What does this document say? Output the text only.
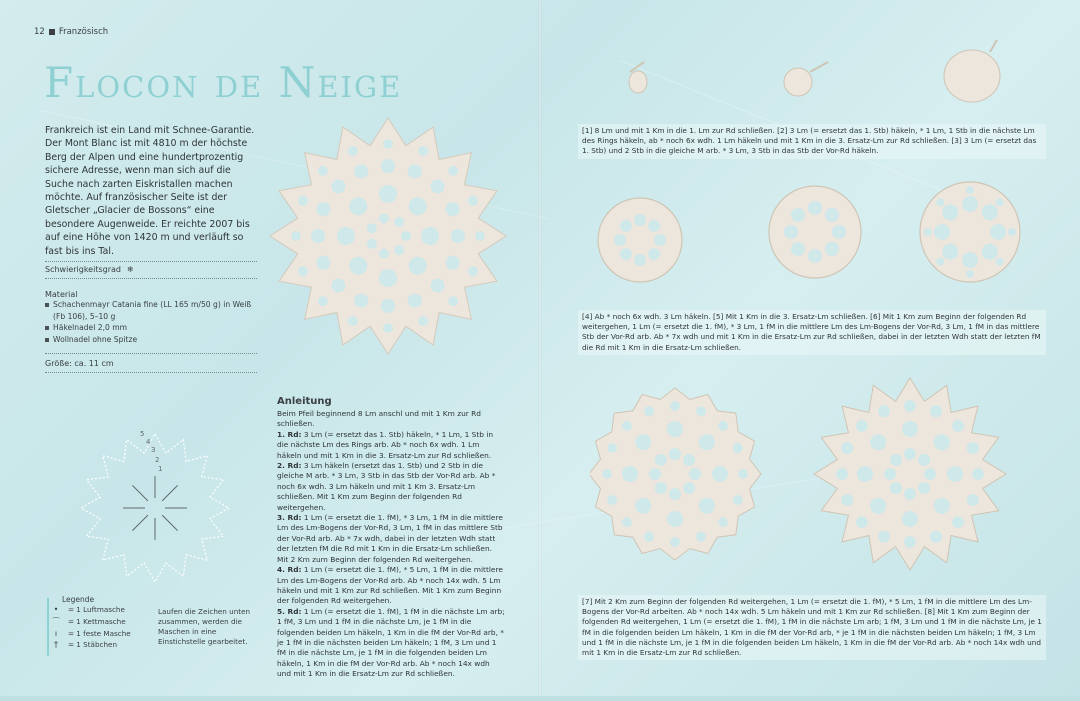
12 Französisch
Flocon de Neige
Frankreich ist ein Land mit Schnee-Garantie. Der Mont Blanc ist mit 4810 m der höchste Berg der Alpen und eine hundertprozentig sichere Adresse, wenn man sich auf die Suche nach zarten Eiskristallen machen möchte. Auf französischer Seite ist der Gletscher „Glacier de Bossons“ eine besondere Augenweide. Er reichte 2007 bis auf eine Höhe von 1420 m und verläuft so fast bis ins Tal.
Schwierigkeitsgrad ❄
Material
Schachenmayr Catania fine (LL 165 m/50 g) in Weiß (Fb 106), 5–10 g
Häkelnadel 2,0 mm
Wollnadel ohne Spitze
Größe: ca. 11 cm
5
4
3
2
1
Legende
•	= 1 Luftmasche
⌒	= 1 Kettmasche
ı	= 1 feste Masche
†	= 1 Stäbchen
Laufen die Zeichen unten zusammen, werden die Maschen in eine Einstichstelle gearbeitet.
Anleitung
Beim Pfeil beginnend 8 Lm anschl und mit 1 Km zur Rd schließen.
1. Rd: 3 Lm (= ersetzt das 1. Stb) häkeln, * 1 Lm, 1 Stb in die nächste Lm des Rings arb. Ab * noch 6x wdh. 1 Lm häkeln und mit 1 Km in die 3. Ersatz-Lm zur Rd schließen.
2. Rd: 3 Lm häkeln (ersetzt das 1. Stb) und 2 Stb in die gleiche M arb. * 3 Lm, 3 Stb in das Stb der Vor-Rd arb. Ab * noch 6x wdh. 3 Lm häkeln und mit 1 Km 3. Ersatz-Lm schließen. Mit 1 Km zum Beginn der folgenden Rd weitergehen.
3. Rd: 1 Lm (= ersetzt die 1. fM), * 3 Lm, 1 fM in die mittlere Lm des Lm-Bogens der Vor-Rd, 3 Lm, 1 fM in das mittlere Stb der Vor-Rd arb. Ab * 7x wdh, dabei in der letzten Wdh statt der letzten fM die Rd mit 1 Km in die Ersatz-Lm schließen. Mit 2 Km zum Beginn der folgenden Rd weitergehen.
4. Rd: 1 Lm (= ersetzt die 1. fM), * 5 Lm, 1 fM in die mittlere Lm des Lm-Bogens der Vor-Rd arb. Ab * noch 14x wdh. 5 Lm häkeln und mit 1 Km zur Rd schließen. Mit 1 Km zum Beginn der folgenden Rd weitergehen.
5. Rd: 1 Lm (= ersetzt die 1. fM), 1 fM in die nächste Lm arb; 1 fM, 3 Lm und 1 fM in die nächste Lm, je 1 fM in die folgenden beiden Lm häkeln, 1 Km in die fM der Vor-Rd arb, * je 1 fM in die nächsten beiden Lm häkeln; 1 fM, 3 Lm und 1 fM in die nächste Lm, je 1 fM in die folgenden beiden Lm häkeln, 1 Km in die fM der Vor-Rd arb. Ab * noch 14x wdh und mit 1 Km in die Ersatz-Lm zur Rd schließen.
[1] 8 Lm und mit 1 Km in die 1. Lm zur Rd schließen. [2] 3 Lm (= ersetzt das 1. Stb) häkeln, * 1 Lm, 1 Stb in die nächste Lm des Rings häkeln, ab * noch 6x wdh. 1 Lm häkeln und mit 1 Km in die 3. Ersatz-Lm zur Rd schließen. [3] 3 Lm (= ersetzt das 1. Stb) und 2 Stb in die gleiche M arb. * 3 Lm, 3 Stb in das Stb der Vor-Rd häkeln.
[4] Ab * noch 6x wdh. 3 Lm häkeln. [5] Mit 1 Km in die 3. Ersatz-Lm schließen. [6] Mit 1 Km zum Beginn der folgenden Rd weitergehen, 1 Lm (= ersetzt die 1. fM), * 3 Lm, 1 fM in die mittlere Lm des Lm-Bogens der Vor-Rd, 3 Lm, 1 fM in das mittlere Stb der Vor-Rd arb. Ab * 7x wdh und mit 1 Km in die Ersatz-Lm zur Rd schließen, dabei in der letzten Wdh statt der letzten fM die Rd mit 1 Km in die Ersatz-Lm schließen.
[7] Mit 2 Km zum Beginn der folgenden Rd weitergehen, 1 Lm (= ersetzt die 1. fM), * 5 Lm, 1 fM in die mittlere Lm des Lm-Bogens der Vor-Rd arbeiten. Ab * noch 14x wdh. 5 Lm häkeln und mit 1 Km zur Rd schließen. [8] Mit 1 Km zum Beginn der folgenden Rd weitergehen, 1 Lm (= ersetzt die 1. fM), 1 fM in die nächste Lm arb; 1 fM, 3 Lm und 1 fM in die nächste Lm, je 1 fM in die folgenden beiden Lm häkeln, 1 Km in die fM der Vor-Rd arb, * je 1 fM in die nächsten beiden Lm häkeln; 1 fM, 3 Lm und 1 fM in die nächste Lm, je 1 fM in die folgenden beiden Lm häkeln, 1 Km in die fM der Vor-Rd arb. Ab * noch 14x wdh und mit 1 Km in die Ersatz-Lm zur Rd schließen.
